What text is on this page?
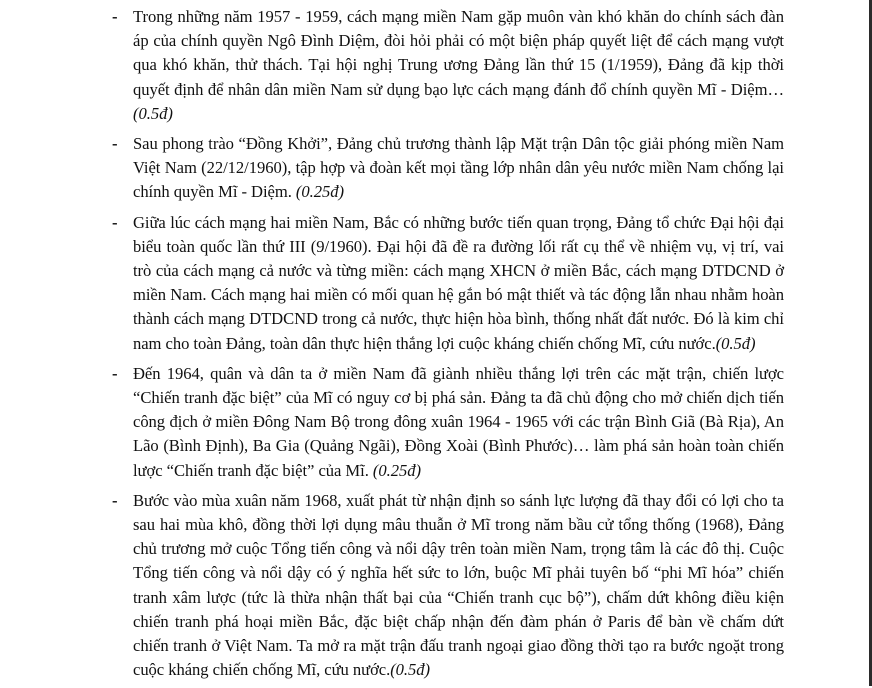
- Trong những năm 1957 - 1959, cách mạng miền Nam gặp muôn vàn khó khăn do chính sách đàn áp của chính quyền Ngô Đình Diệm, đòi hỏi phải có một biện pháp quyết liệt để cách mạng vượt qua khó khăn, thử thách. Tại hội nghị Trung ương Đảng lần thứ 15 (1/1959), Đảng đã kịp thời quyết định để nhân dân miền Nam sử dụng bạo lực cách mạng đánh đổ chính quyền Mĩ - Diệm… (0.5đ)
- Sau phong trào “Đồng Khởi”, Đảng chủ trương thành lập Mặt trận Dân tộc giải phóng miền Nam Việt Nam (22/12/1960), tập hợp và đoàn kết mọi tầng lớp nhân dân yêu nước miền Nam chống lại chính quyền Mĩ - Diệm. (0.25đ)
- Giữa lúc cách mạng hai miền Nam, Bắc có những bước tiến quan trọng, Đảng tổ chức Đại hội đại biểu toàn quốc lần thứ III (9/1960). Đại hội đã đề ra đường lối rất cụ thể về nhiệm vụ, vị trí, vai trò của cách mạng cả nước và từng miền: cách mạng XHCN ở miền Bắc, cách mạng DTDCND ở miền Nam. Cách mạng hai miền có mối quan hệ gắn bó mật thiết và tác động lẫn nhau nhằm hoàn thành cách mạng DTDCND trong cả nước, thực hiện hòa bình, thống nhất đất nước. Đó là kim chỉ nam cho toàn Đảng, toàn dân thực hiện thắng lợi cuộc kháng chiến chống Mĩ, cứu nước.(0.5đ)
- Đến 1964, quân và dân ta ở miền Nam đã giành nhiều thắng lợi trên các mặt trận, chiến lược “Chiến tranh đặc biệt” của Mĩ có nguy cơ bị phá sản. Đảng ta đã chủ động cho mở chiến dịch tiến công địch ở miền Đông Nam Bộ trong đông xuân 1964 - 1965 với các trận Bình Giã (Bà Rịa), An Lão (Bình Định), Ba Gia (Quảng Ngãi), Đồng Xoài (Bình Phước)… làm phá sản hoàn toàn chiến lược “Chiến tranh đặc biệt” của Mĩ. (0.25đ)
- Bước vào mùa xuân năm 1968, xuất phát từ nhận định so sánh lực lượng đã thay đổi có lợi cho ta sau hai mùa khô, đồng thời lợi dụng mâu thuẫn ở Mĩ trong năm bầu cử tổng thống (1968), Đảng chủ trương mở cuộc Tổng tiến công và nổi dậy trên toàn miền Nam, trọng tâm là các đô thị. Cuộc Tổng tiến công và nổi dậy có ý nghĩa hết sức to lớn, buộc Mĩ phải tuyên bố “phi Mĩ hóa” chiến tranh xâm lược (tức là thừa nhận thất bại của “Chiến tranh cục bộ”), chấm dứt không điều kiện chiến tranh phá hoại miền Bắc, đặc biệt chấp nhận đến đàm phán ở Paris để bàn về chấm dứt chiến tranh ở Việt Nam. Ta mở ra mặt trận đấu tranh ngoại giao đồng thời tạo ra bước ngoặt trong cuộc kháng chiến chống Mĩ, cứu nước.(0.5đ)
